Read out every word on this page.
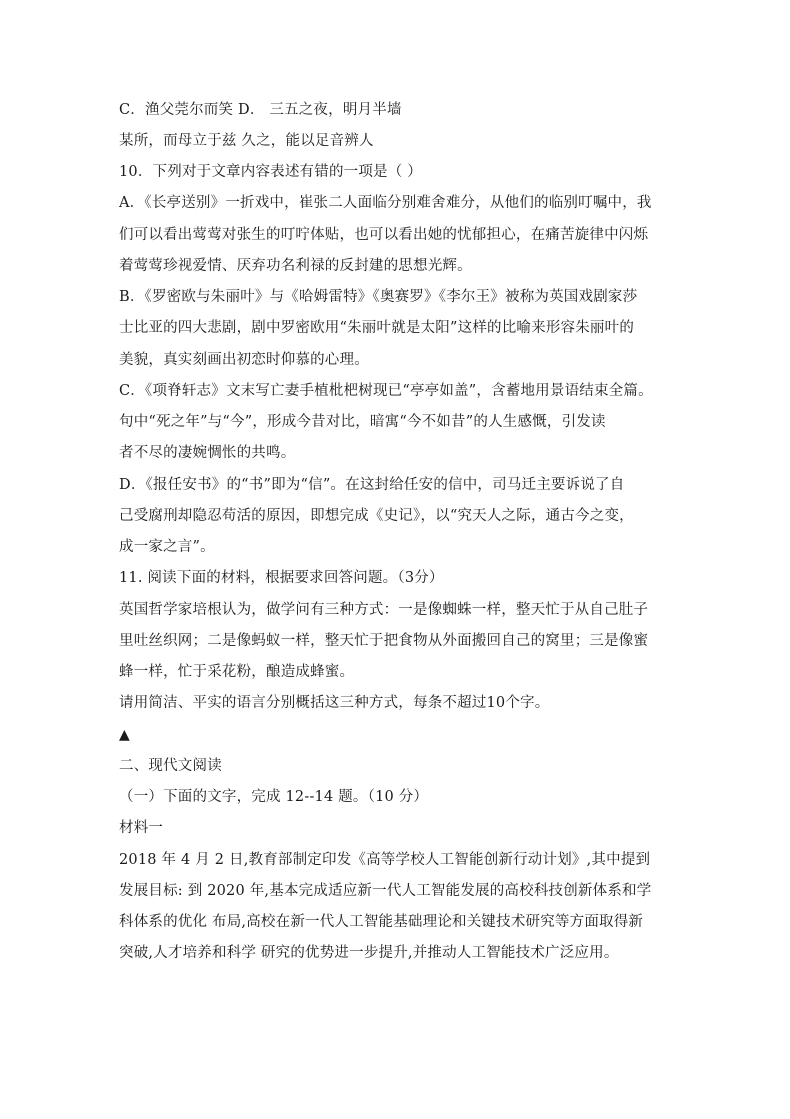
C．渔父莞尔而笑 D． 三五之夜，明月半墙
某所，而母立于兹 久之，能以足音辨人
10．下列对于文章内容表述有错的一项是（ ）
A．《长亭送别》一折戏中，崔张二人面临分别难舍难分，从他们的临别叮嘱中，我
们可以看出莺莺对张生的叮咛体贴，也可以看出她的忧郁担心，在痛苦旋律中闪烁
着莺莺珍视爱情、厌弃功名利禄的反封建的思想光辉。
B．《罗密欧与朱丽叶》与《哈姆雷特》《奥赛罗》《李尔王》被称为英国戏剧家莎
士比亚的四大悲剧，剧中罗密欧用“朱丽叶就是太阳”这样的比喻来形容朱丽叶的
美貌，真实刻画出初恋时仰慕的心理。
C．《项脊轩志》文末写亡妻手植枇杷树现已“亭亭如盖”，含蓄地用景语结束全篇。
句中“死之年”与“今”，形成今昔对比，暗寓“今不如昔”的人生感慨，引发读
者不尽的凄婉惆怅的共鸣。
D．《报任安书》的“书”即为“信”。在这封给任安的信中，司马迁主要诉说了自
己受腐刑却隐忍苟活的原因，即想完成《史记》，以“究天人之际，通古今之变，
成一家之言”。
11. 阅读下面的材料，根据要求回答问题。（3分）
英国哲学家培根认为，做学问有三种方式：一是像蜘蛛一样，整天忙于从自己肚子
里吐丝织网；二是像蚂蚁一样，整天忙于把食物从外面搬回自己的窝里；三是像蜜
蜂一样，忙于采花粉，酿造成蜂蜜。
请用简洁、平实的语言分别概括这三种方式，每条不超过10个字。
▲
二、现代文阅读
（一）下面的文字，完成 12--14 题。（10 分）
材料一
2018 年 4 月 2 日,教育部制定印发《高等学校人工智能创新行动计划》,其中提到
发展目标: 到 2020 年,基本完成适应新一代人工智能发展的高校科技创新体系和学
科体系的优化 布局,高校在新一代人工智能基础理论和关键技术研究等方面取得新
突破,人才培养和科学 研究的优势进一步提升,并推动人工智能技术广泛应用。
